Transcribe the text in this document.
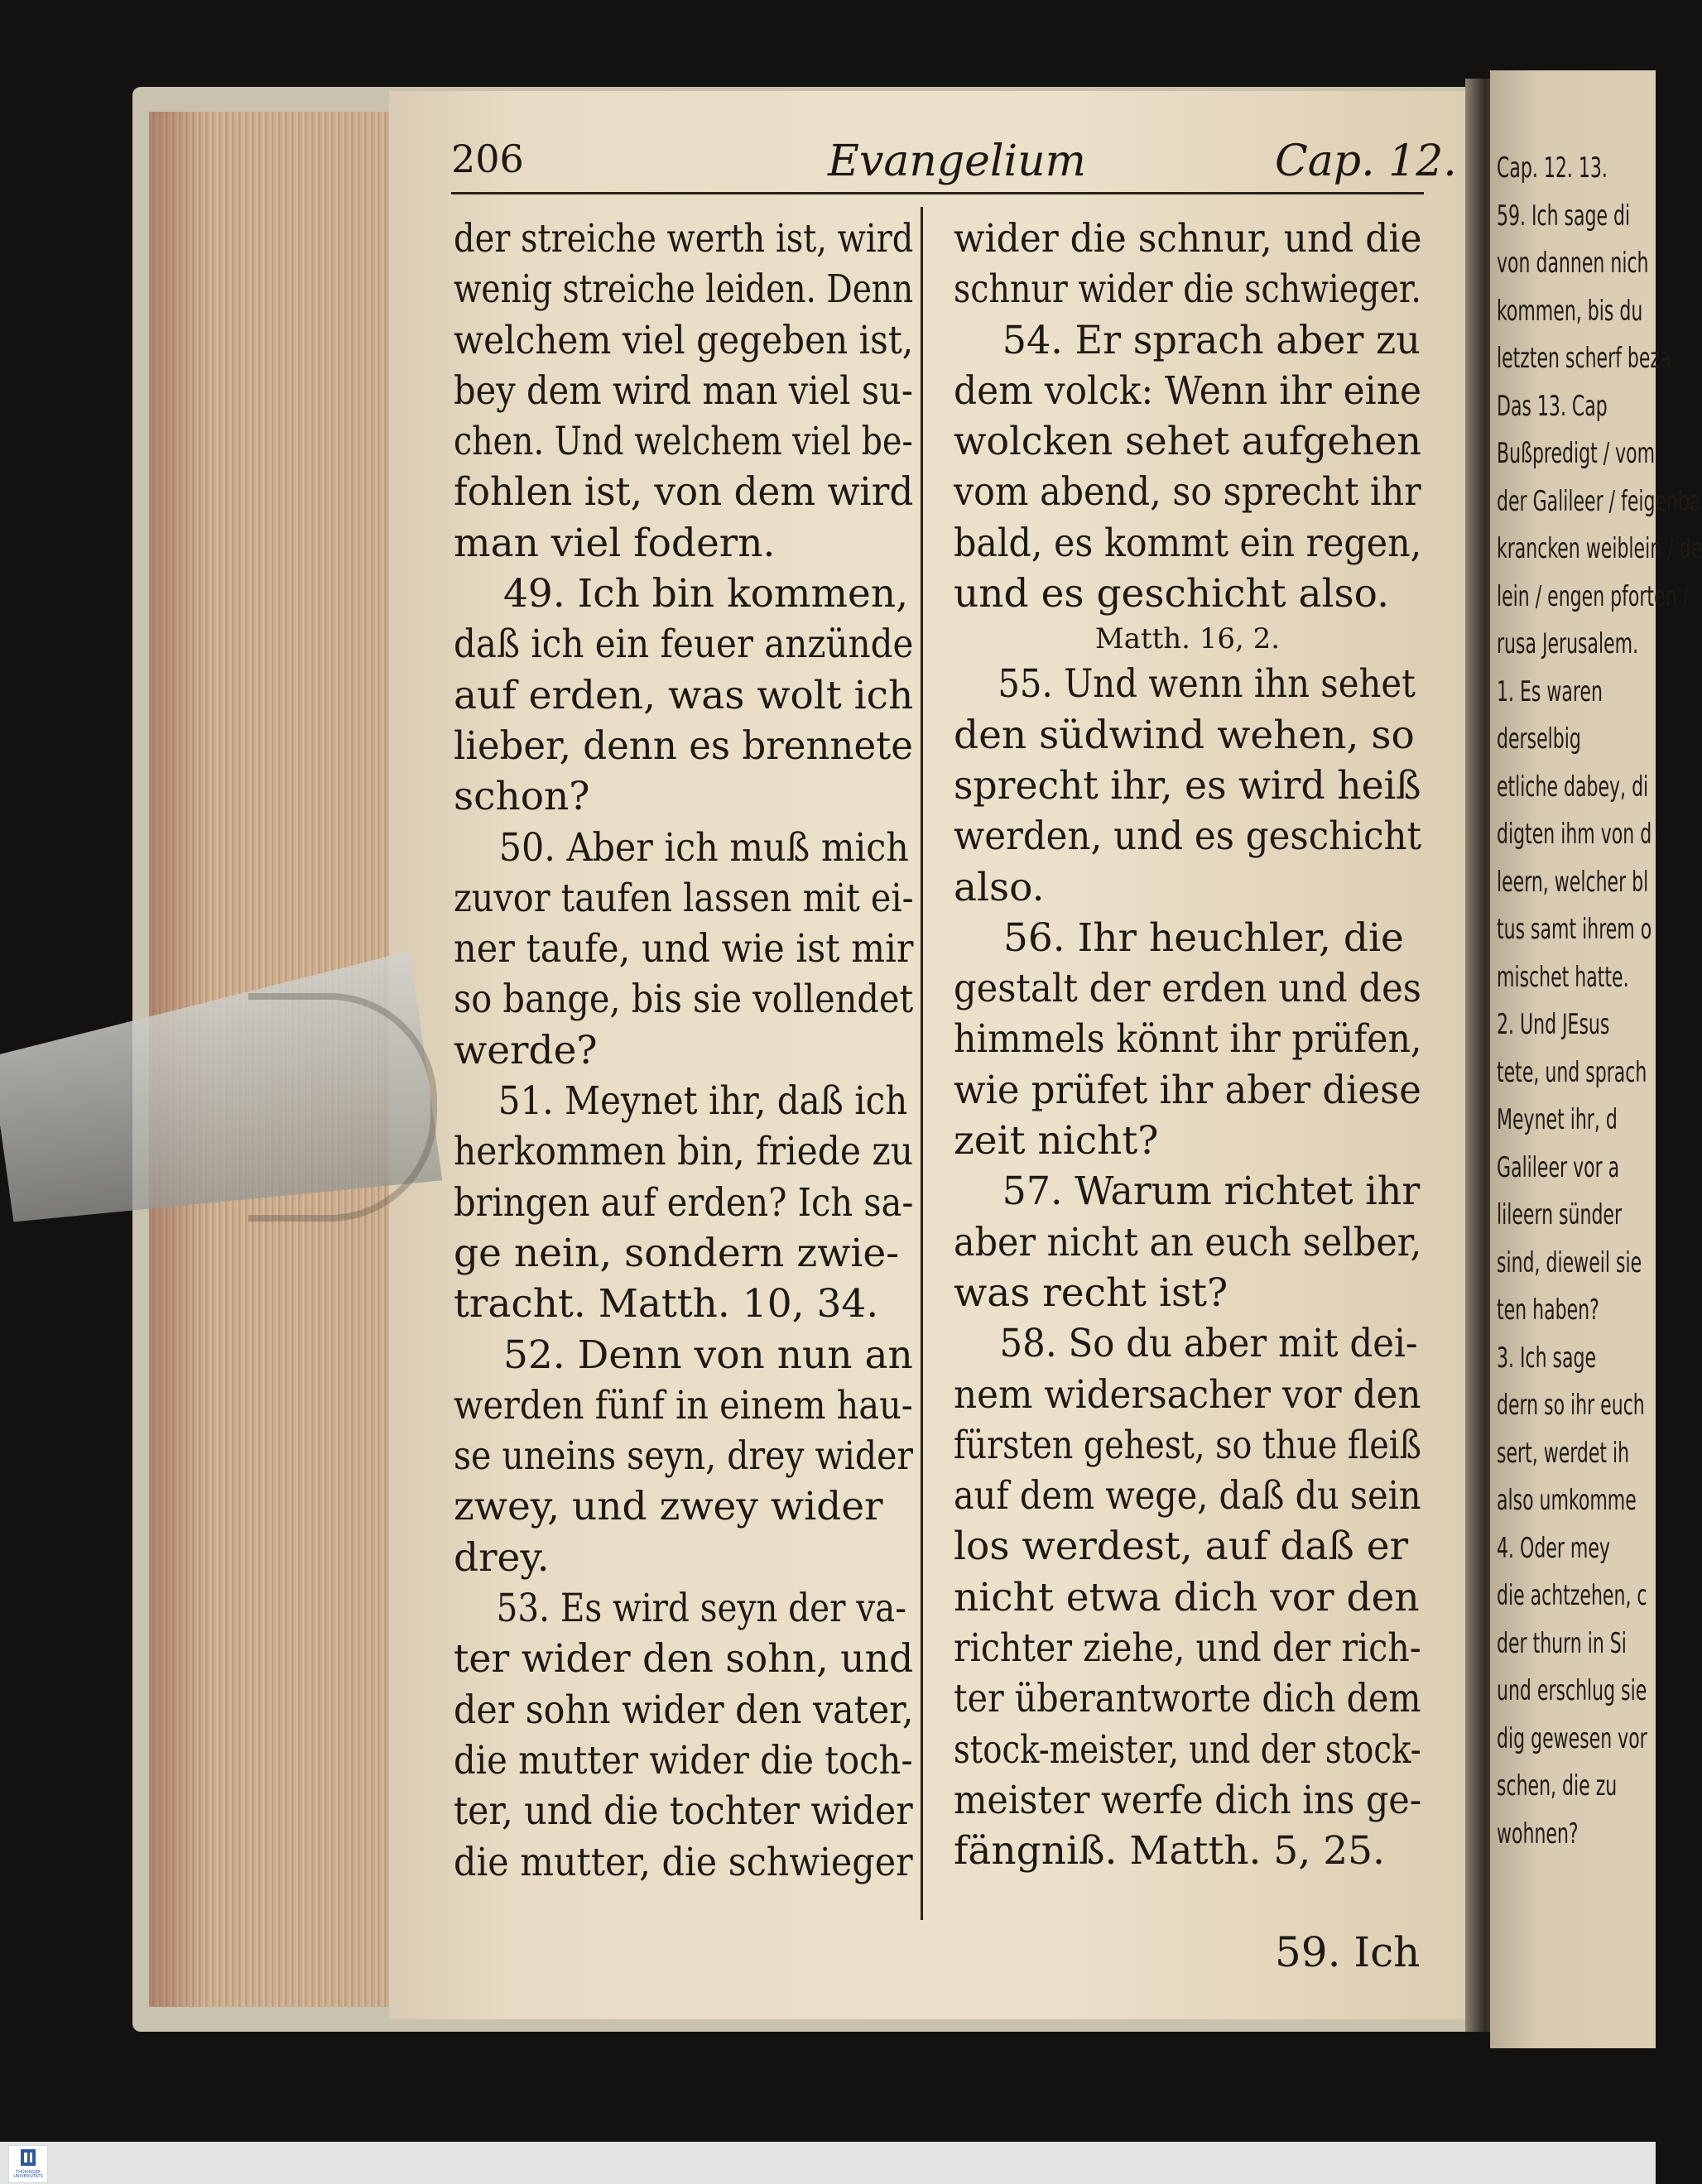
Cap. 12. 13.
59. Ich sage di
von dannen nich
kommen, bis du
letzten scherf beza
Das 13. Cap
Bußpredigt / vom
der Galileer / feigenba
krancken weiblein / de
lein / engen pforten /
rusa Jerusalem.
1. Es waren
derselbig
etliche dabey, di
digten ihm von d
leern, welcher bl
tus samt ihrem o
mischet hatte.
2. Und JEsus
tete, und sprach
Meynet ihr, d
Galileer vor a
lileern sünder
sind, dieweil sie
ten haben?
3. Ich sage
dern so ihr euch
sert, werdet ih
also umkomme
4. Oder mey
die achtzehen, c
der thurn in Si
und erschlug sie
dig gewesen vor
schen, die zu
wohnen?
206	Evangelium	Cap. 12.
der streiche werth ist, wird
wenig streiche leiden. Denn
welchem viel gegeben ist,
bey dem wird man viel su-
chen. Und welchem viel be-
fohlen ist, von dem wird
man viel fodern.
49. Ich bin kommen,
daß ich ein feuer anzünde
auf erden, was wolt ich
lieber, denn es brennete
schon?
50. Aber ich muß mich
zuvor taufen lassen mit ei-
ner taufe, und wie ist mir
so bange, bis sie vollendet
werde?
51. Meynet ihr, daß ich
herkommen bin, friede zu
bringen auf erden? Ich sa-
ge nein, sondern zwie-
tracht. Matth. 10, 34.
52. Denn von nun an
werden fünf in einem hau-
se uneins seyn, drey wider
zwey, und zwey wider
drey.
53. Es wird seyn der va-
ter wider den sohn, und
der sohn wider den vater,
die mutter wider die toch-
ter, und die tochter wider
die mutter, die schwieger
wider die schnur, und die
schnur wider die schwieger.
54. Er sprach aber zu
dem volck: Wenn ihr eine
wolcken sehet aufgehen
vom abend, so sprecht ihr
bald, es kommt ein regen,
und es geschicht also.
Matth. 16, 2.
55. Und wenn ihn sehet
den südwind wehen, so
sprecht ihr, es wird heiß
werden, und es geschicht
also.
56. Ihr heuchler, die
gestalt der erden und des
himmels könnt ihr prüfen,
wie prüfet ihr aber diese
zeit nicht?
57. Warum richtet ihr
aber nicht an euch selber,
was recht ist?
58. So du aber mit dei-
nem widersacher vor den
fürsten gehest, so thue fleiß
auf dem wege, daß du sein
los werdest, auf daß er
nicht etwa dich vor den
richter ziehe, und der rich-
ter überantworte dich dem
stock-meister, und der stock-
meister werfe dich ins ge-
fängniß. Matth. 5, 25.
59. Ich
THÜRINGER UNIVERSITÄTS
